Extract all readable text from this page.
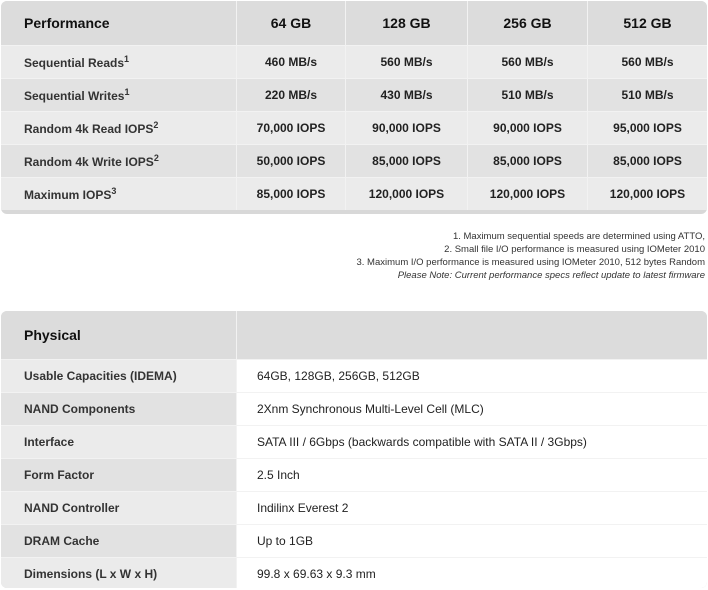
Performance	64 GB	128 GB	256 GB	512 GB
Sequential Reads$^1$	460 MB/s	560 MB/s	560 MB/s	560 MB/s
Sequential Writes$^1$	220 MB/s	430 MB/s	510 MB/s	510 MB/s
Random 4k Read IOPS$^2$	70,000 IOPS	90,000 IOPS	90,000 IOPS	95,000 IOPS
Random 4k Write IOPS$^2$	50,000 IOPS	85,000 IOPS	85,000 IOPS	85,000 IOPS
Maximum IOPS$^3$	85,000 IOPS	120,000 IOPS	120,000 IOPS	120,000 IOPS
1. Maximum sequential speeds are determined using ATTO,
2. Small file I/O performance is measured using IOMeter 2010
3. Maximum I/O performance is measured using IOMeter 2010, 512 bytes Random
Please Note: Current performance specs reflect update to latest firmware
Physical	
Usable Capacities (IDEMA)	64GB, 128GB, 256GB, 512GB
NAND Components	2Xnm Synchronous Multi-Level Cell (MLC)
Interface	SATA III / 6Gbps (backwards compatible with SATA II / 3Gbps)
Form Factor	2.5 Inch
NAND Controller	Indilinx Everest 2
DRAM Cache	Up to 1GB
Dimensions (L x W x H)	99.8 x 69.63 x 9.3 mm
